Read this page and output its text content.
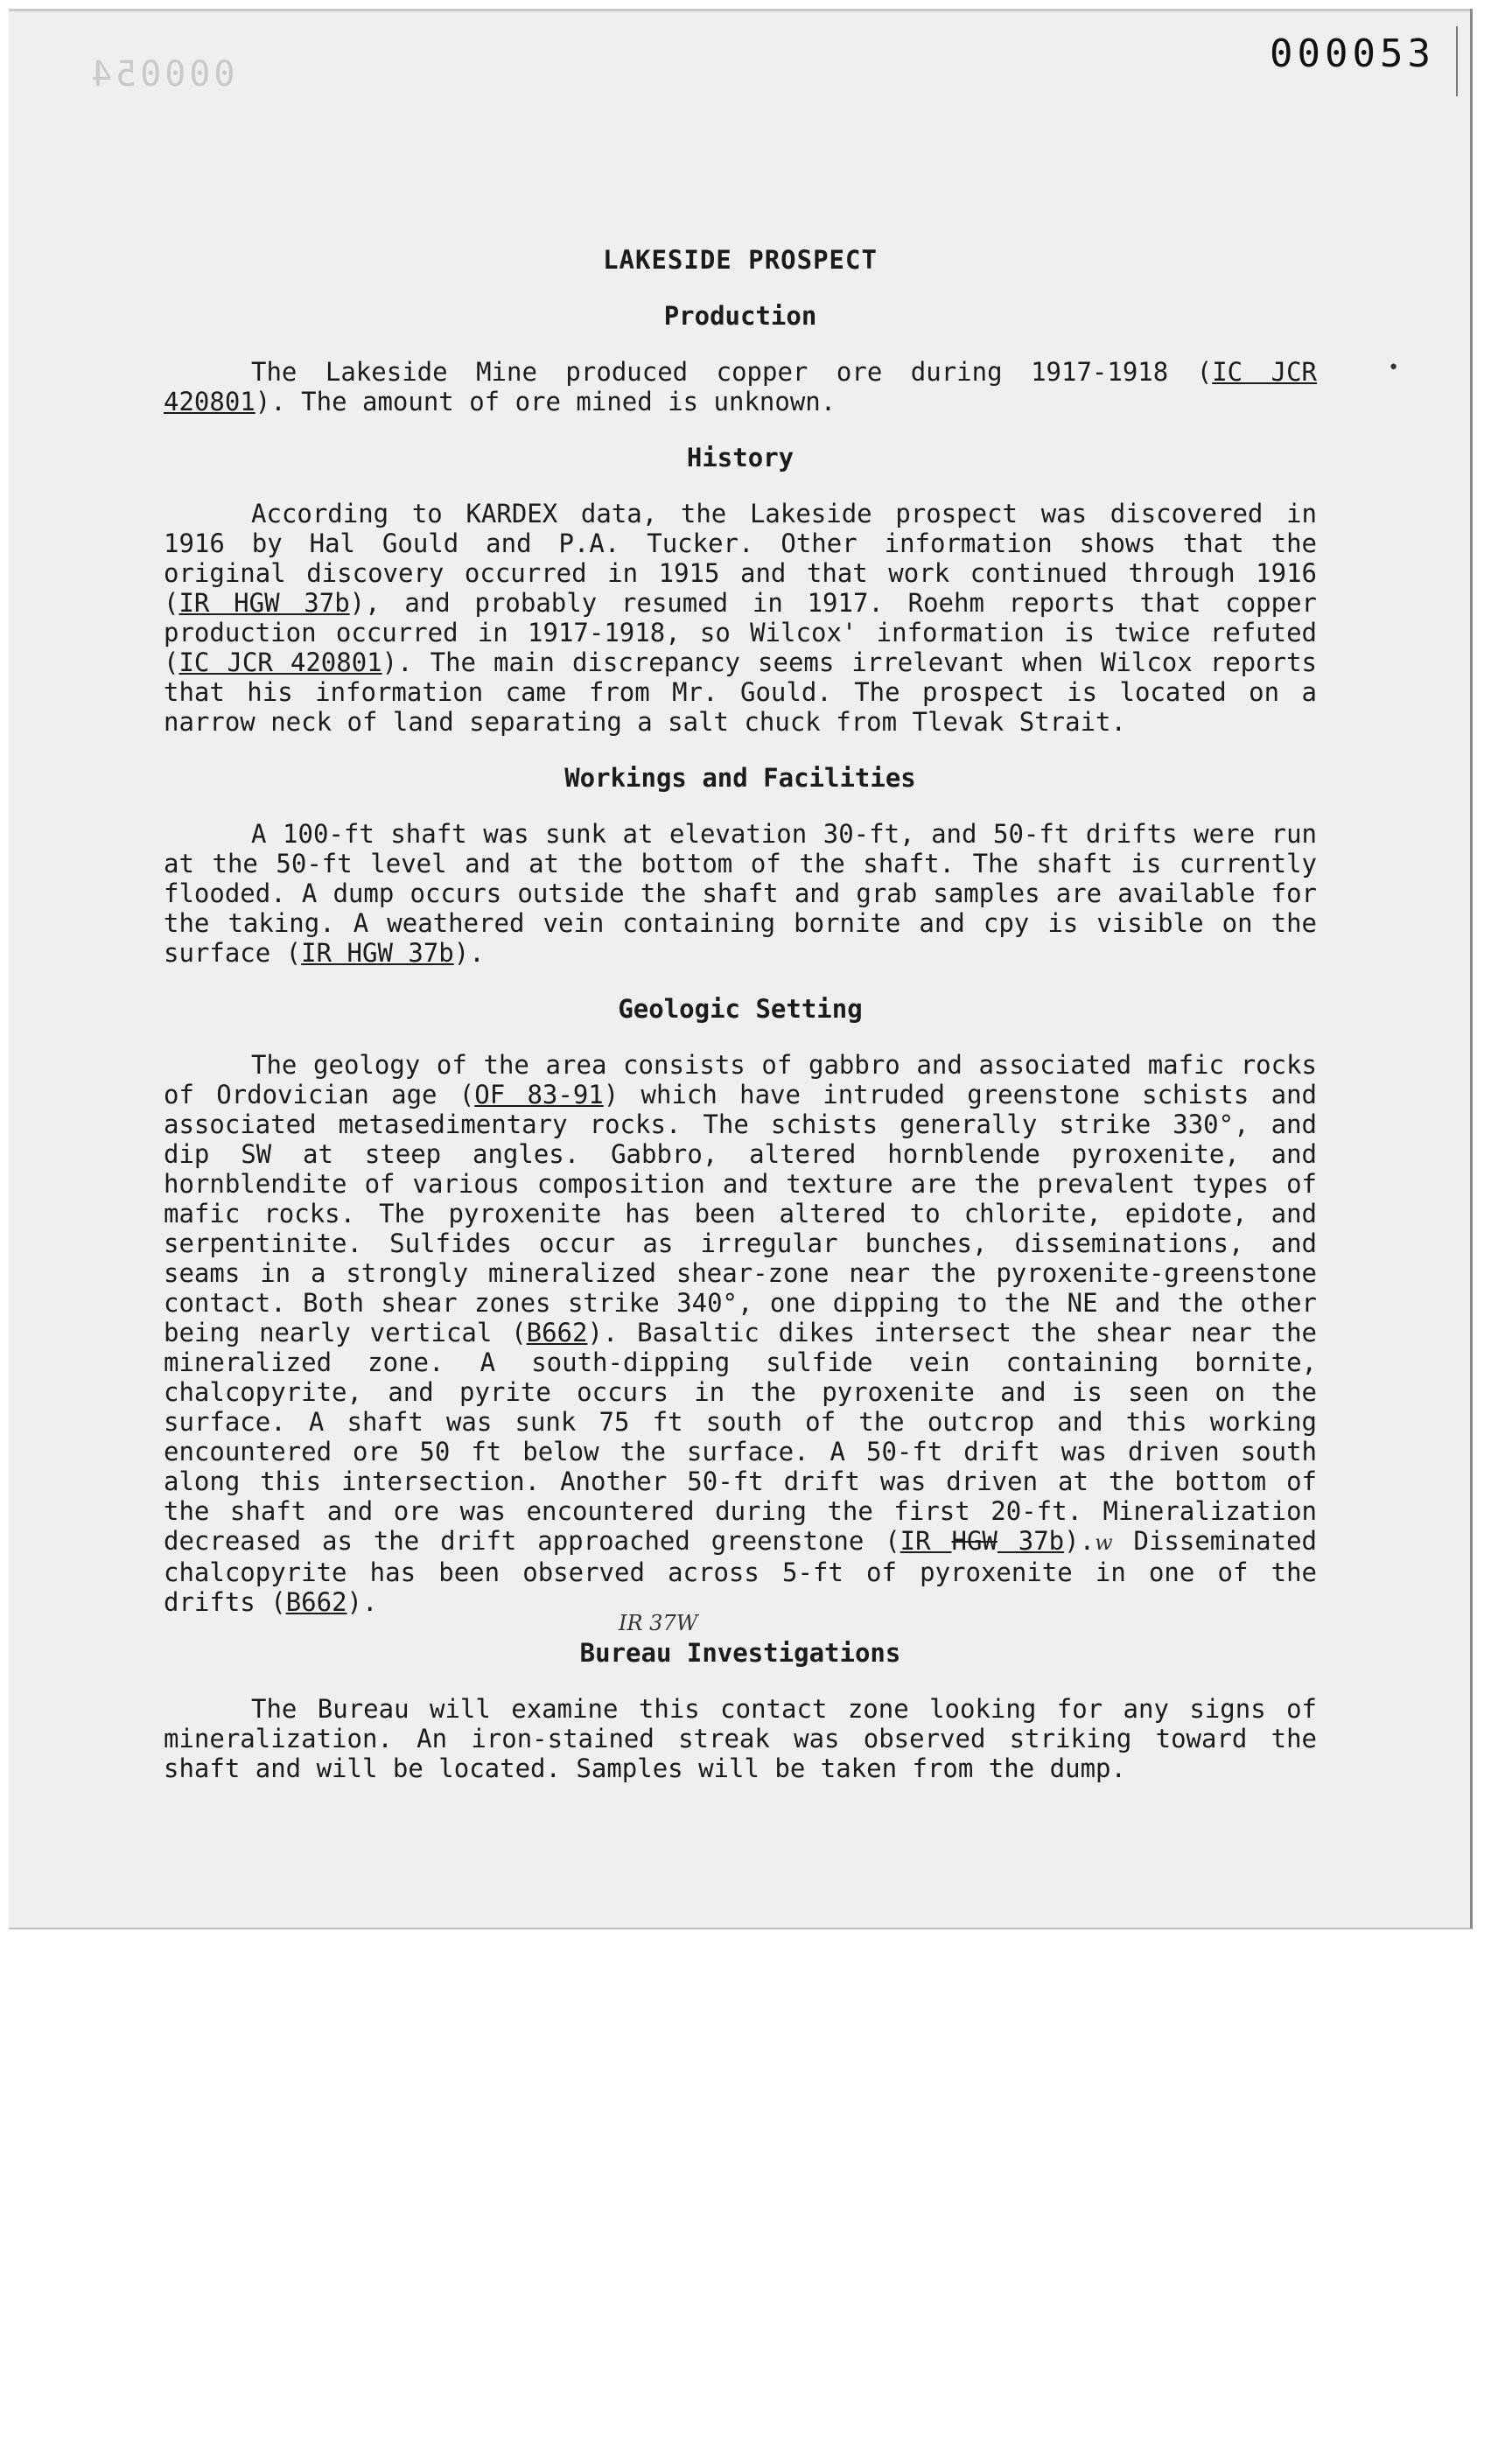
000054	000053
•
LAKESIDE PROSPECT
Production

The Lakeside Mine produced copper ore during 1917-1918 (IC JCR 420801). The amount of ore mined is unknown.

History

According to KARDEX data, the Lakeside prospect was discovered in 1916 by Hal Gould and P.A. Tucker. Other information shows that the original discovery occurred in 1915 and that work continued through 1916 (IR HGW 37b), and probably resumed in 1917. Roehm reports that copper production occurred in 1917-1918, so Wilcox' information is twice refuted (IC JCR 420801). The main discrepancy seems irrelevant when Wilcox reports that his information came from Mr. Gould. The prospect is located on a narrow neck of land separating a salt chuck from Tlevak Strait.

Workings and Facilities

A 100-ft shaft was sunk at elevation 30-ft, and 50-ft drifts were run at the 50-ft level and at the bottom of the shaft. The shaft is currently flooded. A dump occurs outside the shaft and grab samples are available for the taking. A weathered vein containing bornite and cpy is visible on the surface (IR HGW 37b).

Geologic Setting

The geology of the area consists of gabbro and associated mafic rocks of Ordovician age (OF 83-91) which have intruded greenstone schists and associated metasedimentary rocks. The schists generally strike 330°, and dip SW at steep angles. Gabbro, altered hornblende pyroxenite, and hornblendite of various composition and texture are the prevalent types of mafic rocks. The pyroxenite has been altered to chlorite, epidote, and serpentinite. Sulfides occur as irregular bunches, disseminations, and seams in a strongly mineralized shear-zone near the pyroxenite-greenstone contact. Both shear zones strike 340°, one dipping to the NE and the other being nearly vertical (B662). Basaltic dikes intersect the shear near the mineralized zone. A south-dipping sulfide vein containing bornite, chalcopyrite, and pyrite occurs in the pyroxenite and is seen on the surface. A shaft was sunk 75 ft south of the outcrop and this working encountered ore 50 ft below the surface. A 50-ft drift was driven south along this intersection. Another 50-ft drift was driven at the bottom of the shaft and ore was encountered during the first 20-ft. Mineralization decreased as the drift approached greenstone (IR HGW 37b).w Disseminated chalcopyrite has been observed across 5-ft of pyroxenite in one of the drifts (B662).

IR 37W
Bureau Investigations

The Bureau will examine this contact zone looking for any signs of mineralization. An iron-stained streak was observed striking toward the shaft and will be located. Samples will be taken from the dump.
